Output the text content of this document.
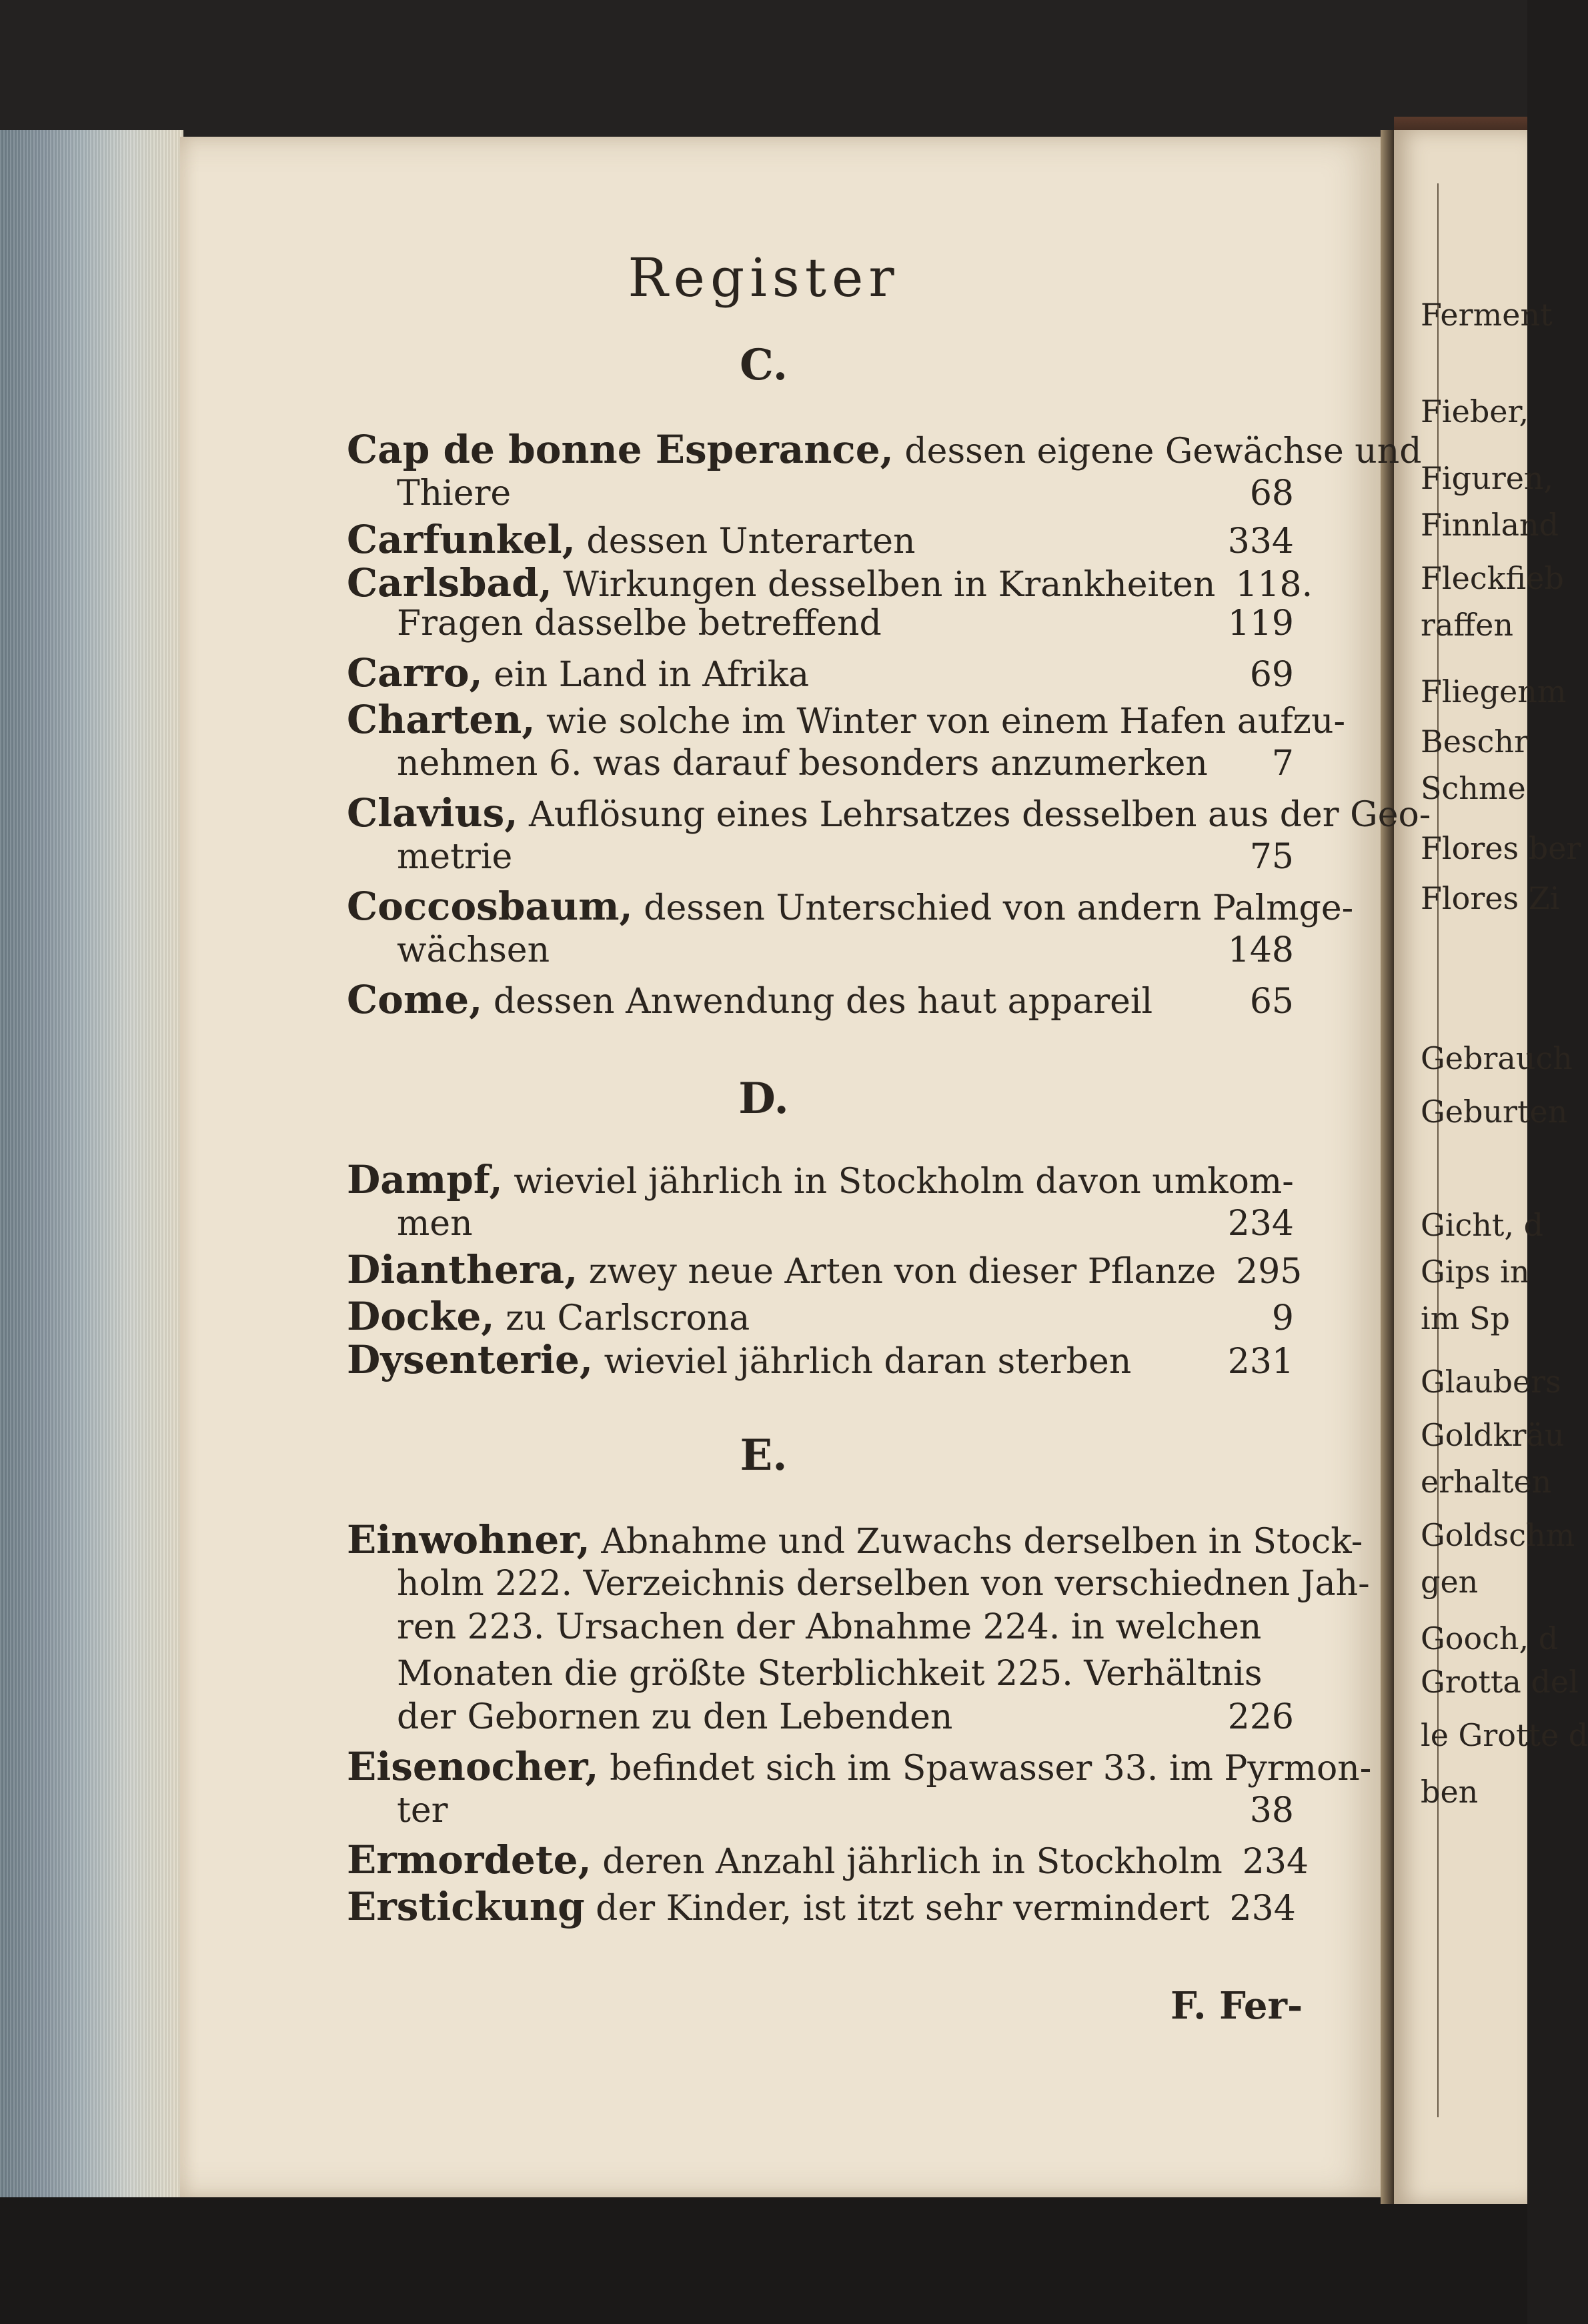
Ferment
Fieber,
Figuren,
Finnland
Fleckfieb
raffen
Fliegenm
Beschr
Schme
Flores ber
Flores Zi
Gebrauch
Geburten
Gicht, d
Gips in
im Sp
Glaubers
Goldkräu
erhalten
Goldschm
gen
Gooch, d
Grotta del
le Grotte d
ben
Register
C.
Cap de bonne Esperance, dessen eigene Gewächse und
Thiere	68
Carfunkel, dessen Unterarten	334
Carlsbad, Wirkungen desselben in Krankheiten 118.
Fragen dasselbe betreffend	119
Carro, ein Land in Afrika	69
Charten, wie solche im Winter von einem Hafen aufzu-
nehmen 6. was darauf besonders anzumerken	7
Clavius, Auflösung eines Lehrsatzes desselben aus der Geo-
metrie	75
Coccosbaum, dessen Unterschied von andern Palmge-
wächsen	148
Come, dessen Anwendung des haut appareil	65
D.
Dampf, wieviel jährlich in Stockholm davon umkom-
men	234
Dianthera, zwey neue Arten von dieser Pflanze 295
Docke, zu Carlscrona	9
Dysenterie, wieviel jährlich daran sterben	231
E.
Einwohner, Abnahme und Zuwachs derselben in Stock-
holm 222. Verzeichnis derselben von verschiednen Jah-
ren 223. Ursachen der Abnahme 224. in welchen
Monaten die größte Sterblichkeit 225. Verhältnis
der Gebornen zu den Lebenden	226
Eisenocher, befindet sich im Spawasser 33. im Pyrmon-
ter	38
Ermordete, deren Anzahl jährlich in Stockholm 234
Erstickung der Kinder, ist itzt sehr vermindert 234
F. Fer-
